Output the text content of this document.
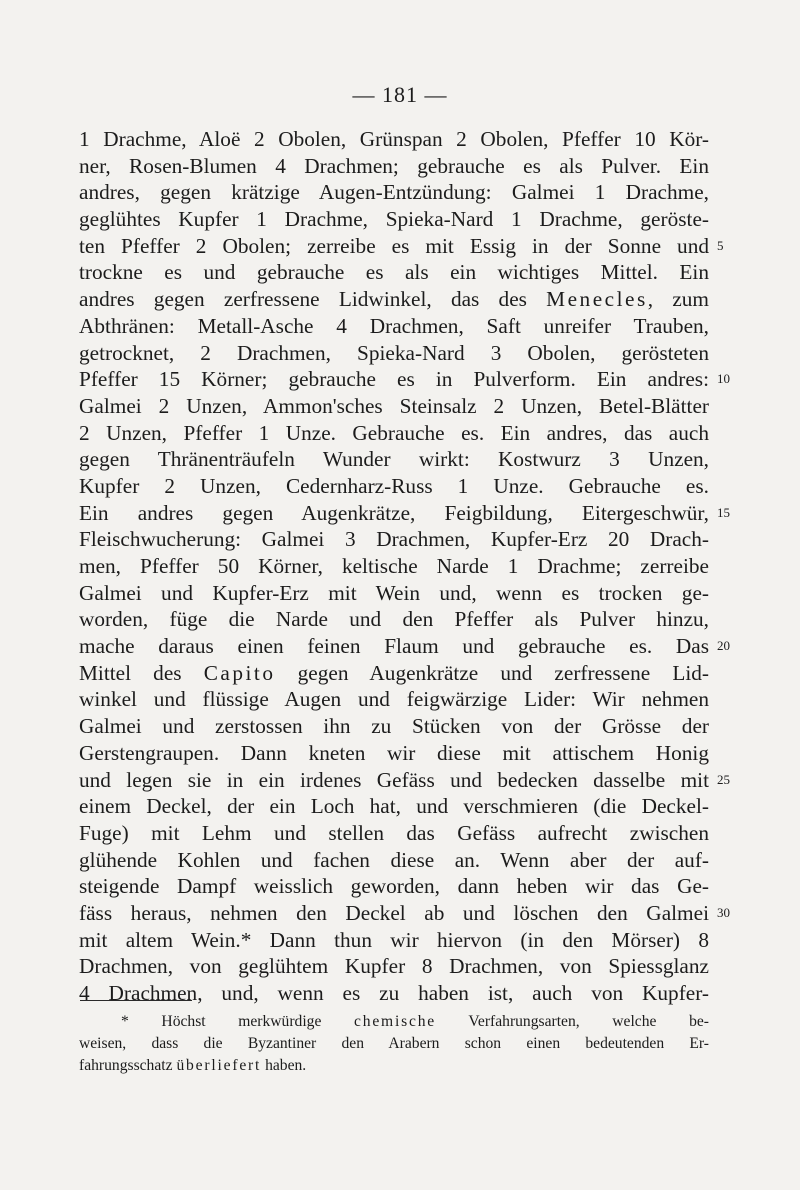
— 181 —
1 Drachme, Aloë 2 Obolen, Grünspan 2 Obolen, Pfeffer 10 Kör-
ner, Rosen-Blumen 4 Drachmen; gebrauche es als Pulver. Ein
andres, gegen krätzige Augen-Entzündung: Galmei 1 Drachme,
geglühtes Kupfer 1 Drachme, Spieka-Nard 1 Drachme, geröste-
ten Pfeffer 2 Obolen; zerreibe es mit Essig in der Sonne und 5
trockne es und gebrauche es als ein wichtiges Mittel. Ein
andres gegen zerfressene Lidwinkel, das des Menecles, zum
Abthränen: Metall-Asche 4 Drachmen, Saft unreifer Trauben,
getrocknet, 2 Drachmen, Spieka-Nard 3 Obolen, gerösteten
Pfeffer 15 Körner; gebrauche es in Pulverform. Ein andres: 10
Galmei 2 Unzen, Ammon'sches Steinsalz 2 Unzen, Betel-Blätter
2 Unzen, Pfeffer 1 Unze. Gebrauche es. Ein andres, das auch
gegen Thränenträufeln Wunder wirkt: Kostwurz 3 Unzen,
Kupfer 2 Unzen, Cedernharz-Russ 1 Unze. Gebrauche es.
Ein andres gegen Augenkrätze, Feigbildung, Eitergeschwür, 15
Fleischwucherung: Galmei 3 Drachmen, Kupfer-Erz 20 Drach-
men, Pfeffer 50 Körner, keltische Narde 1 Drachme; zerreibe
Galmei und Kupfer-Erz mit Wein und, wenn es trocken ge-
worden, füge die Narde und den Pfeffer als Pulver hinzu,
mache daraus einen feinen Flaum und gebrauche es. Das 20
Mittel des Capito gegen Augenkrätze und zerfressene Lid-
winkel und flüssige Augen und feigwärzige Lider: Wir nehmen
Galmei und zerstossen ihn zu Stücken von der Grösse der
Gerstengraupen. Dann kneten wir diese mit attischem Honig
und legen sie in ein irdenes Gefäss und bedecken dasselbe mit 25
einem Deckel, der ein Loch hat, und verschmieren (die Deckel-
Fuge) mit Lehm und stellen das Gefäss aufrecht zwischen
glühende Kohlen und fachen diese an. Wenn aber der auf-
steigende Dampf weisslich geworden, dann heben wir das Ge-
fäss heraus, nehmen den Deckel ab und löschen den Galmei 30
mit altem Wein.* Dann thun wir hiervon (in den Mörser) 8
Drachmen, von geglühtem Kupfer 8 Drachmen, von Spiessglanz
4 Drachmen, und, wenn es zu haben ist, auch von Kupfer-
* Höchst merkwürdige chemische Verfahrungsarten, welche be-
weisen, dass die Byzantiner den Arabern schon einen bedeutenden Er-
fahrungsschatz überliefert haben.
